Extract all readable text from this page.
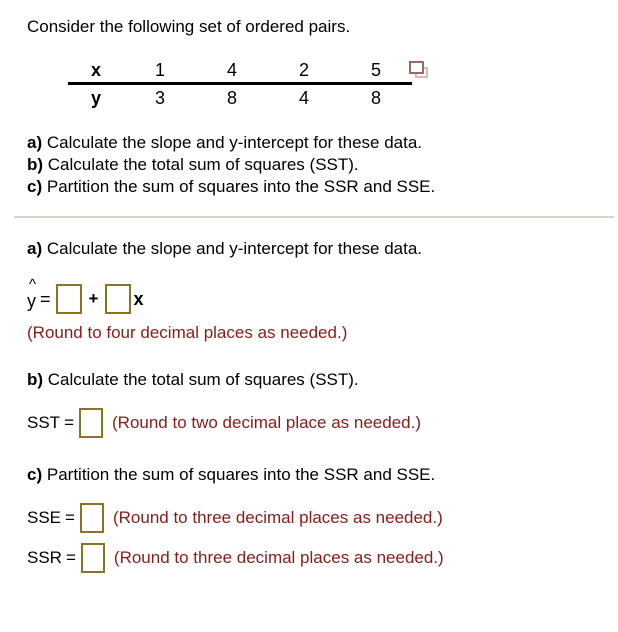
Consider the following set of ordered pairs.
x	1	4	2	5
y	3	8	4	8
a) Calculate the slope and y-intercept for these data.
b) Calculate the total sum of squares (SST).
c) Partition the sum of squares into the SSR and SSE.
a) Calculate the slope and y-intercept for these data.
^
y = + x
(Round to four decimal places as needed.)
b) Calculate the total sum of squares (SST).
SST = (Round to two decimal place as needed.)
c) Partition the sum of squares into the SSR and SSE.
SSE = (Round to three decimal places as needed.)
SSR = (Round to three decimal places as needed.)
